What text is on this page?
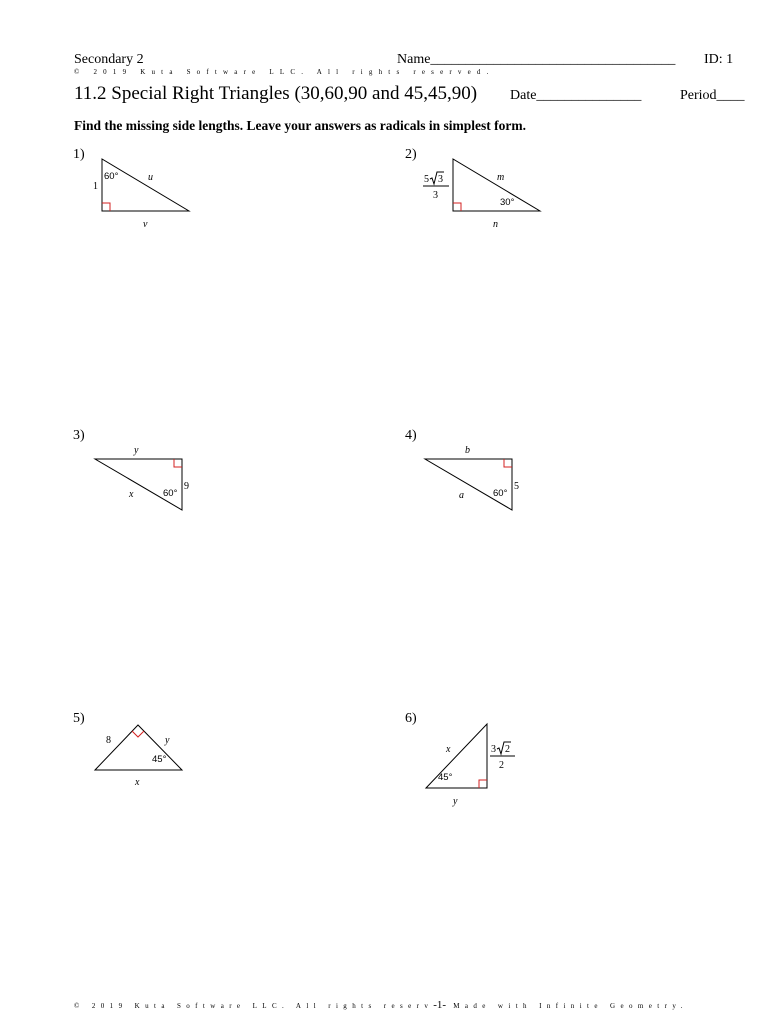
Secondary 2	Name___________________________________ ID: 1
© 2019 Kuta Software LLC. All rights reserved.
11.2 Special Right Triangles (30,60,90 and 45,45,90) Date_______________	Period____
Find the missing side lengths. Leave your answers as radicals in simplest form.
1)	2)
3)	4)
5)	6)
60°
1
u
v
5 3
3
m
30°
n
y
x	60°
9
b
a	60°
5
8	y
45°
x
x	3 2
2
45°
y
© 2019 Kuta Software LLC. All rights reserv-1- Made with Infinite Geometry.
